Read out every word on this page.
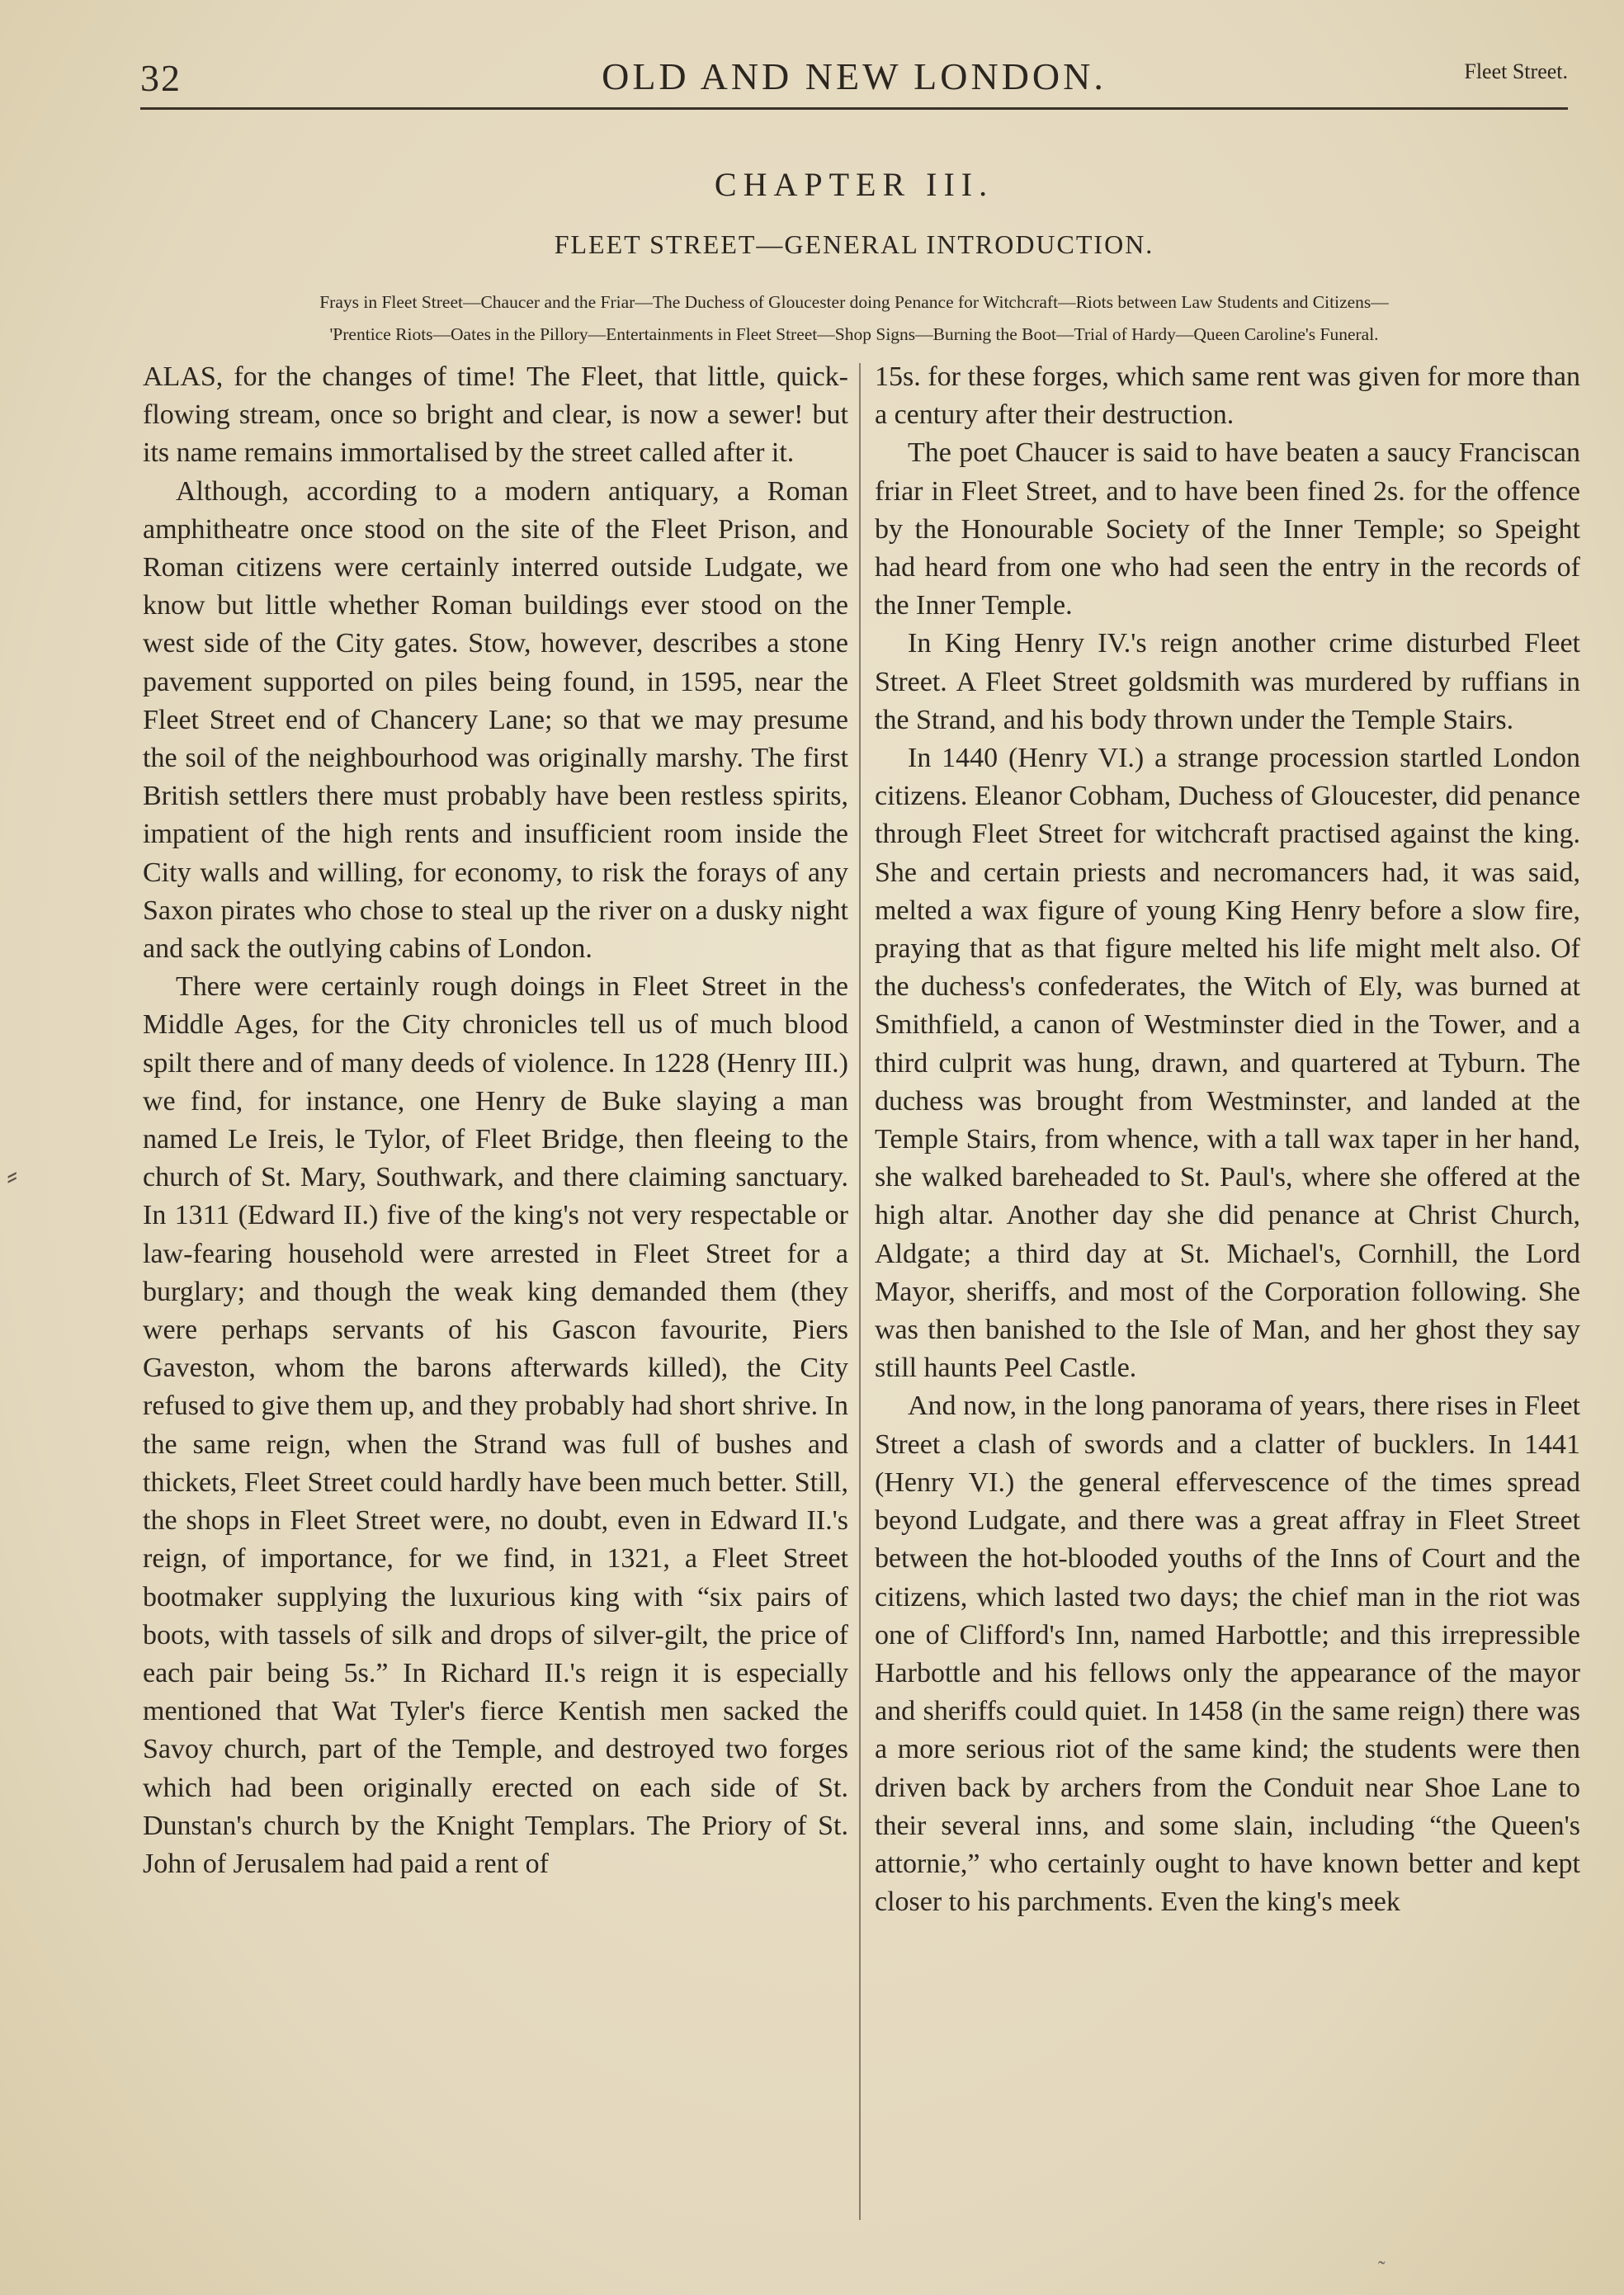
32	OLD AND NEW LONDON.	Fleet Street.
CHAPTER III.
FLEET STREET—GENERAL INTRODUCTION.
Frays in Fleet Street—Chaucer and the Friar—The Duchess of Gloucester doing Penance for Witchcraft—Riots between Law Students and Citizens—
'Prentice Riots—Oates in the Pillory—Entertainments in Fleet Street—Shop Signs—Burning the Boot—Trial of Hardy—Queen Caroline's Funeral.

ALAS, for the changes of time! The Fleet, that little, quick-flowing stream, once so bright and clear, is now a sewer! but its name remains immortalised by the street called after it.

Although, according to a modern antiquary, a Roman amphitheatre once stood on the site of the Fleet Prison, and Roman citizens were certainly interred outside Ludgate, we know but little whether Roman buildings ever stood on the west side of the City gates. Stow, however, describes a stone pavement supported on piles being found, in 1595, near the Fleet Street end of Chancery Lane; so that we may presume the soil of the neighbourhood was originally marshy. The first British settlers there must probably have been restless spirits, impatient of the high rents and insufficient room inside the City walls and willing, for economy, to risk the forays of any Saxon pirates who chose to steal up the river on a dusky night and sack the outlying cabins of London.

There were certainly rough doings in Fleet Street in the Middle Ages, for the City chronicles tell us of much blood spilt there and of many deeds of violence. In 1228 (Henry III.) we find, for instance, one Henry de Buke slaying a man named Le Ireis, le Tylor, of Fleet Bridge, then fleeing to the church of St. Mary, Southwark, and there claiming sanctuary. In 1311 (Edward II.) five of the king's not very respectable or law-fearing household were arrested in Fleet Street for a burglary; and though the weak king demanded them (they were perhaps servants of his Gascon favourite, Piers Gaveston, whom the barons afterwards killed), the City refused to give them up, and they probably had short shrive. In the same reign, when the Strand was full of bushes and thickets, Fleet Street could hardly have been much better. Still, the shops in Fleet Street were, no doubt, even in Edward II.'s reign, of importance, for we find, in 1321, a Fleet Street bootmaker supplying the luxurious king with “six pairs of boots, with tassels of silk and drops of silver-gilt, the price of each pair being 5s.” In Richard II.'s reign it is especially mentioned that Wat Tyler's fierce Kentish men sacked the Savoy church, part of the Temple, and destroyed two forges which had been originally erected on each side of St. Dunstan's church by the Knight Templars. The Priory of St. John of Jerusalem had paid a rent of

15s. for these forges, which same rent was given for more than a century after their destruction.

The poet Chaucer is said to have beaten a saucy Franciscan friar in Fleet Street, and to have been fined 2s. for the offence by the Honourable Society of the Inner Temple; so Speight had heard from one who had seen the entry in the records of the Inner Temple.

In King Henry IV.'s reign another crime disturbed Fleet Street. A Fleet Street goldsmith was murdered by ruffians in the Strand, and his body thrown under the Temple Stairs.

In 1440 (Henry VI.) a strange procession startled London citizens. Eleanor Cobham, Duchess of Gloucester, did penance through Fleet Street for witchcraft practised against the king. She and certain priests and necromancers had, it was said, melted a wax figure of young King Henry before a slow fire, praying that as that figure melted his life might melt also. Of the duchess's confederates, the Witch of Ely, was burned at Smithfield, a canon of Westminster died in the Tower, and a third culprit was hung, drawn, and quartered at Tyburn. The duchess was brought from Westminster, and landed at the Temple Stairs, from whence, with a tall wax taper in her hand, she walked bareheaded to St. Paul's, where she offered at the high altar. Another day she did penance at Christ Church, Aldgate; a third day at St. Michael's, Cornhill, the Lord Mayor, sheriffs, and most of the Corporation following. She was then banished to the Isle of Man, and her ghost they say still haunts Peel Castle.

And now, in the long panorama of years, there rises in Fleet Street a clash of swords and a clatter of bucklers. In 1441 (Henry VI.) the general effervescence of the times spread beyond Ludgate, and there was a great affray in Fleet Street between the hot-blooded youths of the Inns of Court and the citizens, which lasted two days; the chief man in the riot was one of Clifford's Inn, named Harbottle; and this irrepressible Harbottle and his fellows only the appearance of the mayor and sheriffs could quiet. In 1458 (in the same reign) there was a more serious riot of the same kind; the students were then driven back by archers from the Conduit near Shoe Lane to their several inns, and some slain, including “the Queen's attornie,” who certainly ought to have known better and kept closer to his parchments. Even the king's meek

⸗
˜
